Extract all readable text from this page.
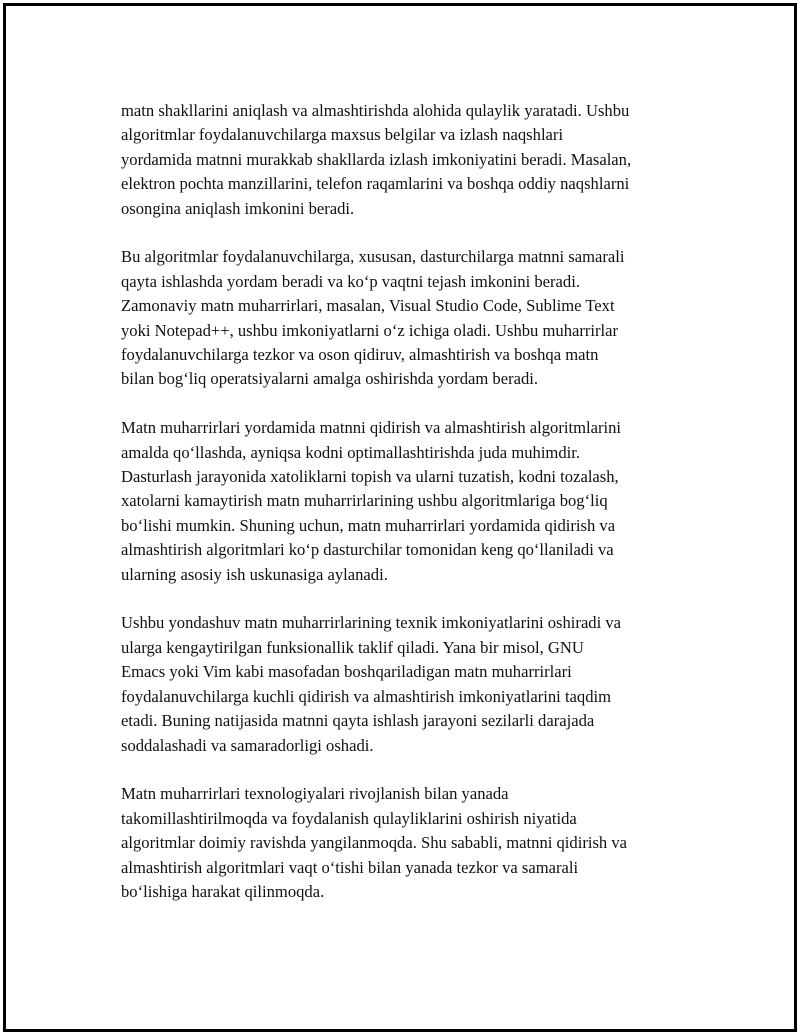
matn shakllarini aniqlash va almashtirishda alohida qulaylik yaratadi. Ushbu
algoritmlar foydalanuvchilarga maxsus belgilar va izlash naqshlari
yordamida matnni murakkab shakllarda izlash imkoniyatini beradi. Masalan,
elektron pochta manzillarini, telefon raqamlarini va boshqa oddiy naqshlarni
osongina aniqlash imkonini beradi.

Bu algoritmlar foydalanuvchilarga, xususan, dasturchilarga matnni samarali
qayta ishlashda yordam beradi va ko‘p vaqtni tejash imkonini beradi.
Zamonaviy matn muharrirlari, masalan, Visual Studio Code, Sublime Text
yoki Notepad++, ushbu imkoniyatlarni o‘z ichiga oladi. Ushbu muharrirlar
foydalanuvchilarga tezkor va oson qidiruv, almashtirish va boshqa matn
bilan bog‘liq operatsiyalarni amalga oshirishda yordam beradi.

Matn muharrirlari yordamida matnni qidirish va almashtirish algoritmlarini
amalda qo‘llashda, ayniqsa kodni optimallashtirishda juda muhimdir.
Dasturlash jarayonida xatoliklarni topish va ularni tuzatish, kodni tozalash,
xatolarni kamaytirish matn muharrirlarining ushbu algoritmlariga bog‘liq
bo‘lishi mumkin. Shuning uchun, matn muharrirlari yordamida qidirish va
almashtirish algoritmlari ko‘p dasturchilar tomonidan keng qo‘llaniladi va
ularning asosiy ish uskunasiga aylanadi.

Ushbu yondashuv matn muharrirlarining texnik imkoniyatlarini oshiradi va
ularga kengaytirilgan funksionallik taklif qiladi. Yana bir misol, GNU
Emacs yoki Vim kabi masofadan boshqariladigan matn muharrirlari
foydalanuvchilarga kuchli qidirish va almashtirish imkoniyatlarini taqdim
etadi. Buning natijasida matnni qayta ishlash jarayoni sezilarli darajada
soddalashadi va samaradorligi oshadi.

Matn muharrirlari texnologiyalari rivojlanish bilan yanada
takomillashtirilmoqda va foydalanish qulayliklarini oshirish niyatida
algoritmlar doimiy ravishda yangilanmoqda. Shu sababli, matnni qidirish va
almashtirish algoritmlari vaqt o‘tishi bilan yanada tezkor va samarali
bo‘lishiga harakat qilinmoqda.
